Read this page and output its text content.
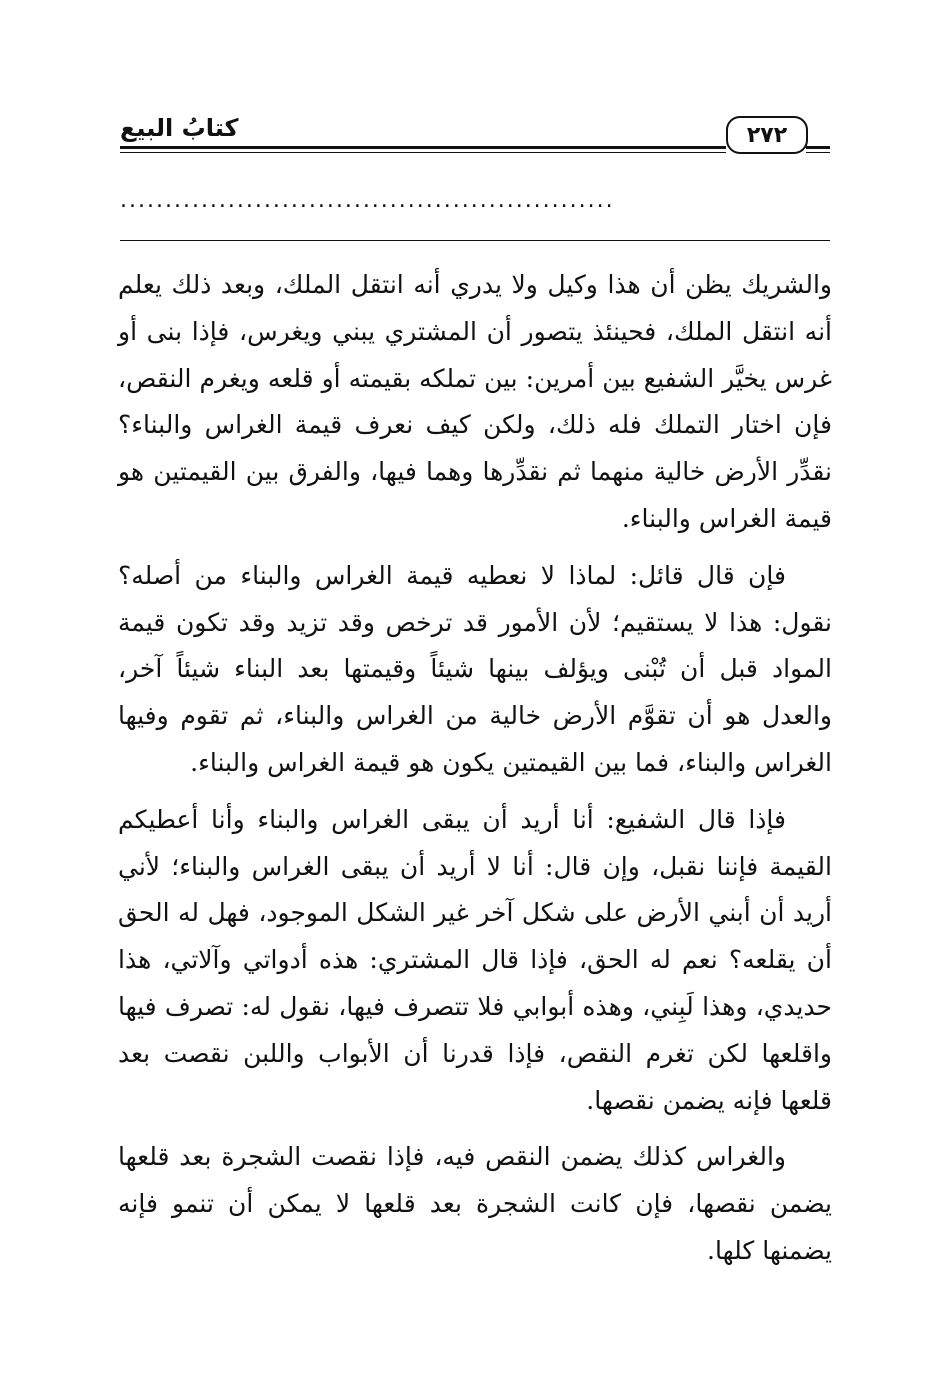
كتابُ البيع	٢٧٢
.......................................................

والشريك يظن أن هذا وكيل ولا يدري أنه انتقل الملك، وبعد ذلك يعلم أنه انتقل الملك، فحينئذ يتصور أن المشتري يبني ويغرس، فإذا بنى أو غرس يخيَّر الشفيع بين أمرين: بين تملكه بقيمته أو قلعه ويغرم النقص، فإن اختار التملك فله ذلك، ولكن كيف نعرف قيمة الغراس والبناء؟ نقدِّر الأرض خالية منهما ثم نقدِّرها وهما فيها، والفرق بين القيمتين هو قيمة الغراس والبناء.

فإن قال قائل: لماذا لا نعطيه قيمة الغراس والبناء من أصله؟ نقول: هذا لا يستقيم؛ لأن الأمور قد ترخص وقد تزيد وقد تكون قيمة المواد قبل أن تُبْنى ويؤلف بينها شيئاً وقيمتها بعد البناء شيئاً آخر، والعدل هو أن تقوَّم الأرض خالية من الغراس والبناء، ثم تقوم وفيها الغراس والبناء، فما بين القيمتين يكون هو قيمة الغراس والبناء.

فإذا قال الشفيع: أنا أريد أن يبقى الغراس والبناء وأنا أعطيكم القيمة فإننا نقبل، وإن قال: أنا لا أريد أن يبقى الغراس والبناء؛ لأني أريد أن أبني الأرض على شكل آخر غير الشكل الموجود، فهل له الحق أن يقلعه؟ نعم له الحق، فإذا قال المشتري: هذه أدواتي وآلاتي، هذا حديدي، وهذا لَبِني، وهذه أبوابي فلا تتصرف فيها، نقول له: تصرف فيها واقلعها لكن تغرم النقص، فإذا قدرنا أن الأبواب واللبن نقصت بعد قلعها فإنه يضمن نقصها.

والغراس كذلك يضمن النقص فيه، فإذا نقصت الشجرة بعد قلعها يضمن نقصها، فإن كانت الشجرة بعد قلعها لا يمكن أن تنمو فإنه يضمنها كلها.
